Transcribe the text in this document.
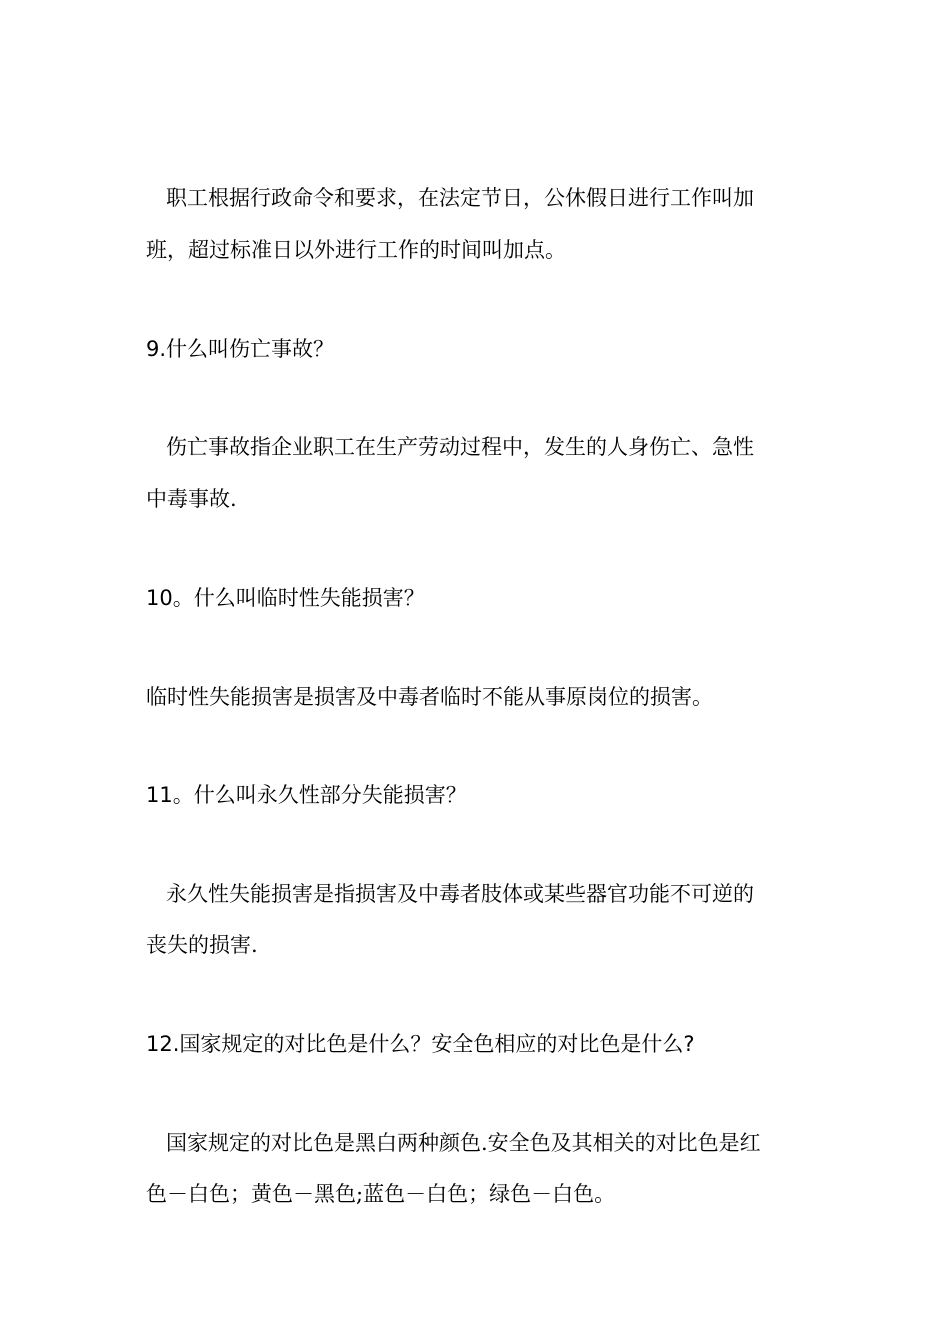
职工根据行政命令和要求，在法定节日，公休假日进行工作叫加
班，超过标准日以外进行工作的时间叫加点。
9.什么叫伤亡事故？
伤亡事故指企业职工在生产劳动过程中，发生的人身伤亡、急性
中毒事故.
10。什么叫临时性失能损害？
临时性失能损害是损害及中毒者临时不能从事原岗位的损害。
11。什么叫永久性部分失能损害？
永久性失能损害是指损害及中毒者肢体或某些器官功能不可逆的
丧失的损害.
12.国家规定的对比色是什么？安全色相应的对比色是什么?
国家规定的对比色是黑白两种颜色.安全色及其相关的对比色是红
色－白色；黄色－黑色;蓝色－白色；绿色－白色。
